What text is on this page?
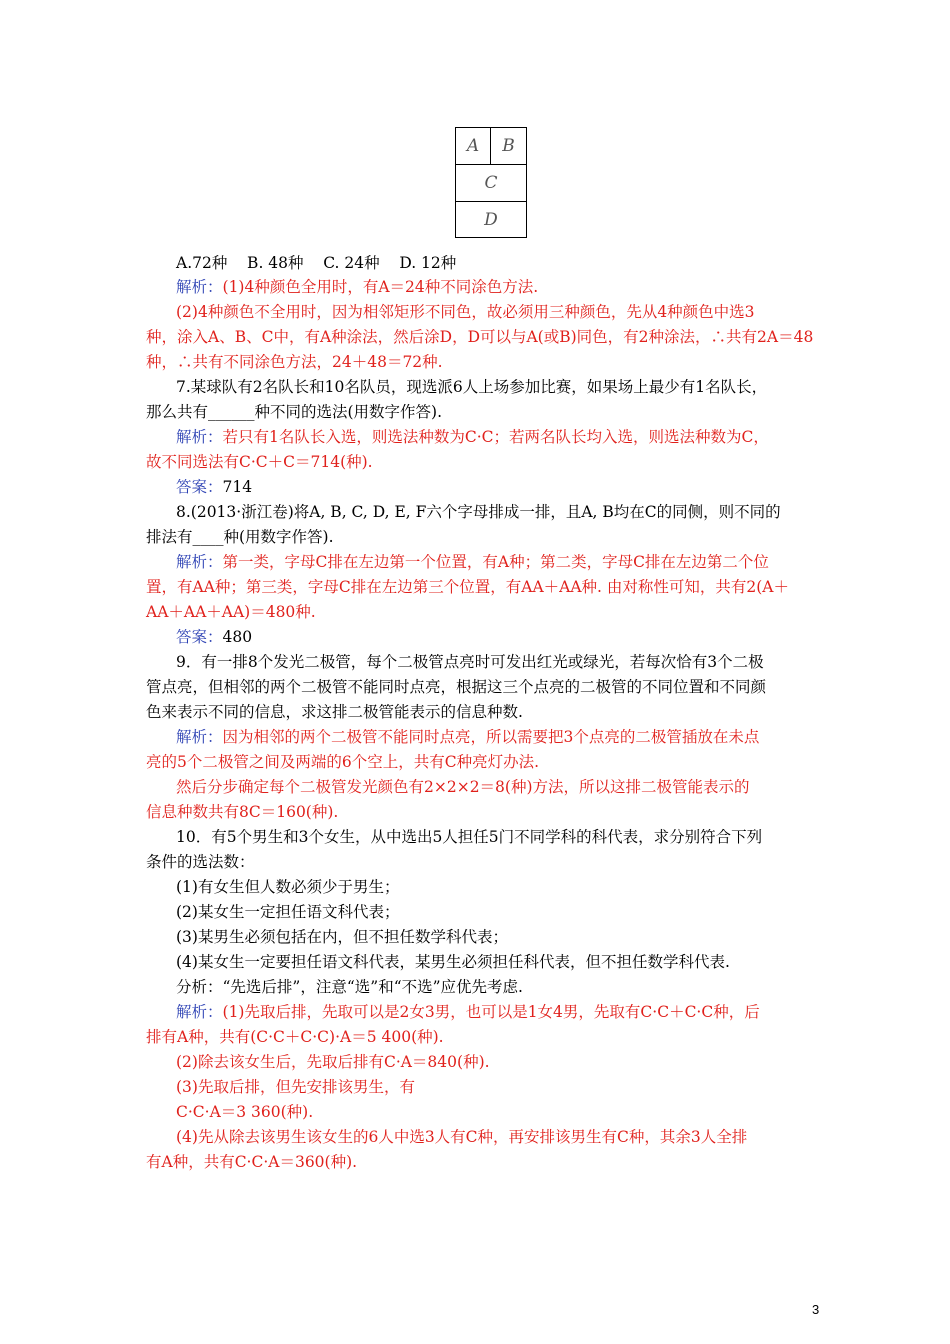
A	B
C
D
A.72种    B. 48种    C. 24种    D. 12种
解析：(1)4种颜色全用时，有A＝24种不同涂色方法.
(2)4种颜色不全用时，因为相邻矩形不同色，故必须用三种颜色，先从4种颜色中选3
种，涂入A、B、C中，有A种涂法，然后涂D，D可以与A(或B)同色，有2种涂法，∴共有2A＝48
种，∴共有不同涂色方法，24＋48＝72种.
7.某球队有2名队长和10名队员，现选派6人上场参加比赛，如果场上最少有1名队长，
那么共有______种不同的选法(用数字作答).
解析：若只有1名队长入选，则选法种数为C·C；若两名队长均入选，则选法种数为C，
故不同选法有C·C＋C＝714(种).
答案：714
8.(2013·浙江卷)将A, B, C, D, E, F六个字母排成一排，且A, B均在C的同侧，则不同的
排法有____种(用数字作答).
解析：第一类，字母C排在左边第一个位置，有A种；第二类，字母C排在左边第二个位
置，有AA种；第三类，字母C排在左边第三个位置，有AA＋AA种. 由对称性可知，共有2(A＋
AA＋AA＋AA)＝480种.
答案：480
9．有一排8个发光二极管，每个二极管点亮时可发出红光或绿光，若每次恰有3个二极
管点亮，但相邻的两个二极管不能同时点亮，根据这三个点亮的二极管的不同位置和不同颜
色来表示不同的信息，求这排二极管能表示的信息种数.
解析：因为相邻的两个二极管不能同时点亮，所以需要把3个点亮的二极管插放在未点
亮的5个二极管之间及两端的6个空上，共有C种亮灯办法.
然后分步确定每个二极管发光颜色有2×2×2＝8(种)方法，所以这排二极管能表示的
信息种数共有8C＝160(种).
10．有5个男生和3个女生，从中选出5人担任5门不同学科的科代表，求分别符合下列
条件的选法数：
(1)有女生但人数必须少于男生；
(2)某女生一定担任语文科代表；
(3)某男生必须包括在内，但不担任数学科代表；
(4)某女生一定要担任语文科代表，某男生必须担任科代表，但不担任数学科代表.
分析：“先选后排”，注意“选”和“不选”应优先考虑.
解析：(1)先取后排，先取可以是2女3男，也可以是1女4男，先取有C·C＋C·C种，后
排有A种，共有(C·C＋C·C)·A＝5 400(种).
(2)除去该女生后，先取后排有C·A＝840(种).
(3)先取后排，但先安排该男生，有
C·C·A＝3 360(种).
(4)先从除去该男生该女生的6人中选3人有C种，再安排该男生有C种，其余3人全排
有A种，共有C·C·A＝360(种).
3
